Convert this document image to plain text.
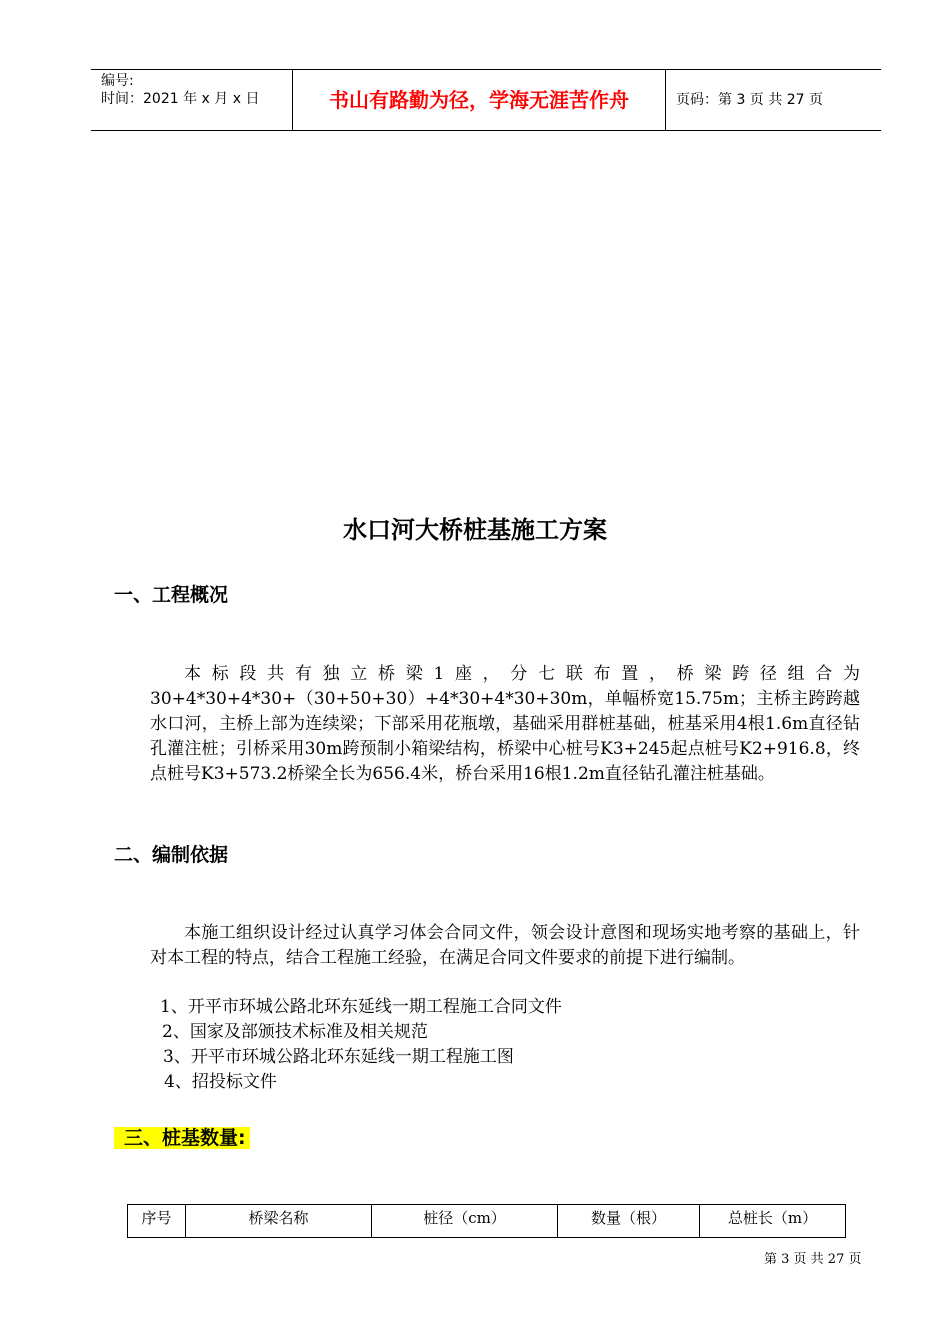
编号:
时间：2021 年 x 月 x 日	书山有路勤为径，学海无涯苦作舟	页码：第 3 页 共 27 页
水口河大桥桩基施工方案
一、工程概况

本标段共有独立桥梁1座，分七联布置，桥梁跨径组合为30+4*30+4*30+（30+50+30）+4*30+4*30+30m，单幅桥宽15.75m；主桥主跨跨越水口河，主桥上部为连续梁；下部采用花瓶墩，基础采用群桩基础，桩基采用4根1.6m直径钻孔灌注桩；引桥采用30m跨预制小箱梁结构，桥梁中心桩号K3+245起点桩号K2+916.8，终点桩号K3+573.2桥梁全长为656.4米，桥台采用16根1.2m直径钻孔灌注桩基础。

二、编制依据

本施工组织设计经过认真学习体会合同文件，领会设计意图和现场实地考察的基础上，针对本工程的特点，结合工程施工经验，在满足合同文件要求的前提下进行编制。

1、开平市环城公路北环东延线一期工程施工合同文件
2、国家及部颁技术标准及相关规范
3、开平市环城公路北环东延线一期工程施工图
4、招投标文件
三、桩基数量:
序号	桥梁名称	桩径（cm）	数量（根）	总桩长（m）
第 3 页 共 27 页
